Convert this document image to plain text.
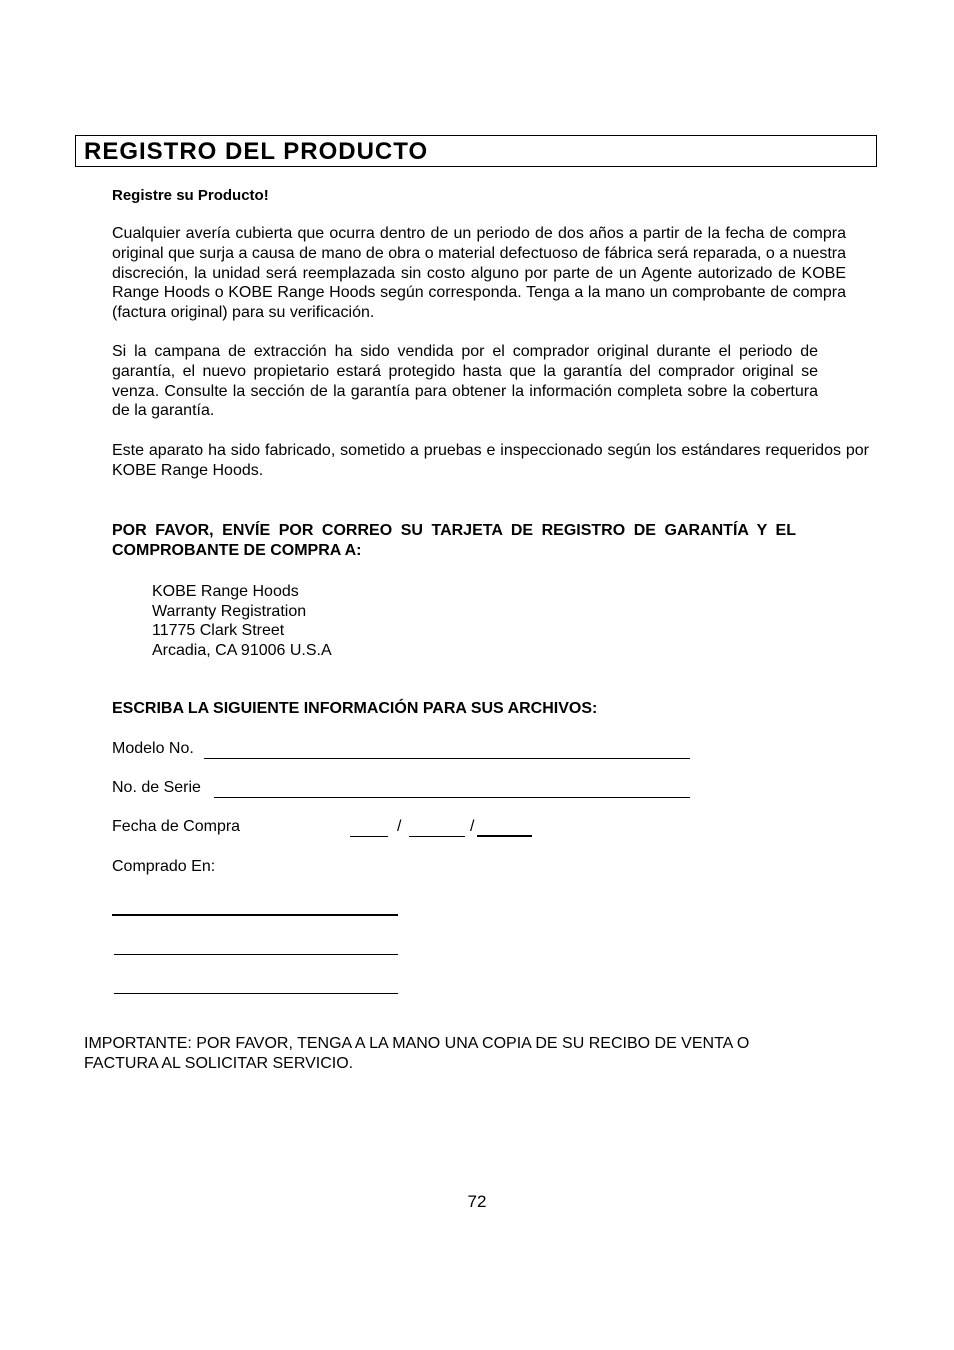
REGISTRO DEL PRODUCTO
Registre su Producto!
Cualquier avería cubierta que ocurra dentro de un periodo de dos años a partir de la fecha de compra original que surja a causa de mano de obra o material defectuoso de fábrica será reparada, o a nuestra discreción, la unidad será reemplazada sin costo alguno por parte de un Agente autorizado de KOBE Range Hoods o KOBE Range Hoods según corresponda. Tenga a la mano un comprobante de compra (factura original) para su verificación.
Si la campana de extracción ha sido vendida por el comprador original durante el periodo de garantía, el nuevo propietario estará protegido hasta que la garantía del comprador original se venza. Consulte la sección de la garantía para obtener la información completa sobre la cobertura de la garantía.
Este aparato ha sido fabricado, sometido a pruebas e inspeccionado según los estándares requeridos por KOBE Range Hoods.
POR FAVOR, ENVÍE POR CORREO SU TARJETA DE REGISTRO DE GARANTÍA Y EL COMPROBANTE DE COMPRA A:
KOBE Range Hoods
Warranty Registration
11775 Clark Street
Arcadia, CA 91006 U.S.A
ESCRIBA LA SIGUIENTE INFORMACIÓN PARA SUS ARCHIVOS:
Modelo No.
No. de Serie
Fecha de Compra	/	/
Comprado En:
IMPORTANTE: POR FAVOR, TENGA A LA MANO UNA COPIA DE SU RECIBO DE VENTA O FACTURA AL SOLICITAR SERVICIO.
72
